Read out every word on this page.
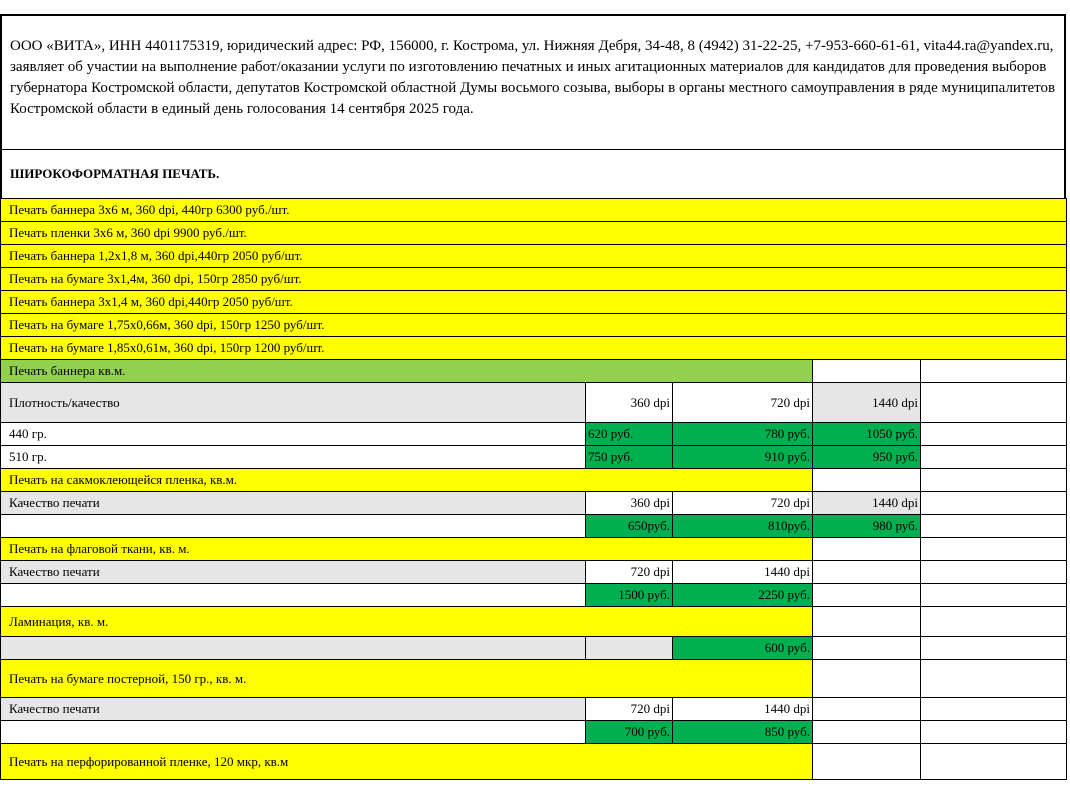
ООО «ВИТА», ИНН 4401175319, юридический адрес: РФ, 156000, г. Кострома, ул. Нижняя Дебря, 34-48, 8 (4942) 31-22-25, +7-953-660-61-61, vita44.ra@yandex.ru, заявляет об участии на выполнение работ/оказании услуги по изготовлению печатных и иных агитационных материалов для кандидатов для проведения выборов губернатора Костромской области, депутатов Костромской областной Думы восьмого созыва, выборы в органы местного самоуправления в ряде муниципалитетов Костромской области в единый день голосования 14 сентября 2025 года.
ШИРОКОФОРМАТНАЯ ПЕЧАТЬ.
Печать баннера 3х6 м, 360 dpi, 440гр 6300 руб./шт.				
Печать пленки 3х6 м, 360 dpi 9900 руб./шт.				
Печать баннера 1,2х1,8 м, 360 dpi,440гр 2050 руб/шт.				
Печать на бумаге 3х1,4м, 360 dpi, 150гр 2850 руб/шт.				
Печать баннера 3х1,4 м, 360 dpi,440гр 2050 руб/шт.				
Печать на бумаге 1,75х0,66м, 360 dpi, 150гр 1250 руб/шт.				
Печать на бумаге 1,85х0,61м, 360 dpi, 150гр 1200 руб/шт.				
Печать баннера кв.м.				
Плотность/качество	360 dpi	720 dpi	1440 dpi	
440 гр.	620 руб.	780 руб.	1050 руб.	
510 гр.	750 руб.	910 руб.	950 руб.	
Печать на сакмоклеющейся пленка, кв.м.				
Качество печати	360 dpi	720 dpi	1440 dpi	
	650руб.	810руб.	980 руб.	
Печать на флаговой ткани, кв. м.				
Качество печати	720 dpi	1440 dpi		
	1500 руб.	2250 руб.		
Ламинация, кв. м.				
		600 руб.		
Печать на бумаге постерной, 150 гр., кв. м.				
Качество печати	720 dpi	1440 dpi		
	700 руб.	850 руб.		
Печать на перфорированной пленке, 120 мкр, кв.м				
